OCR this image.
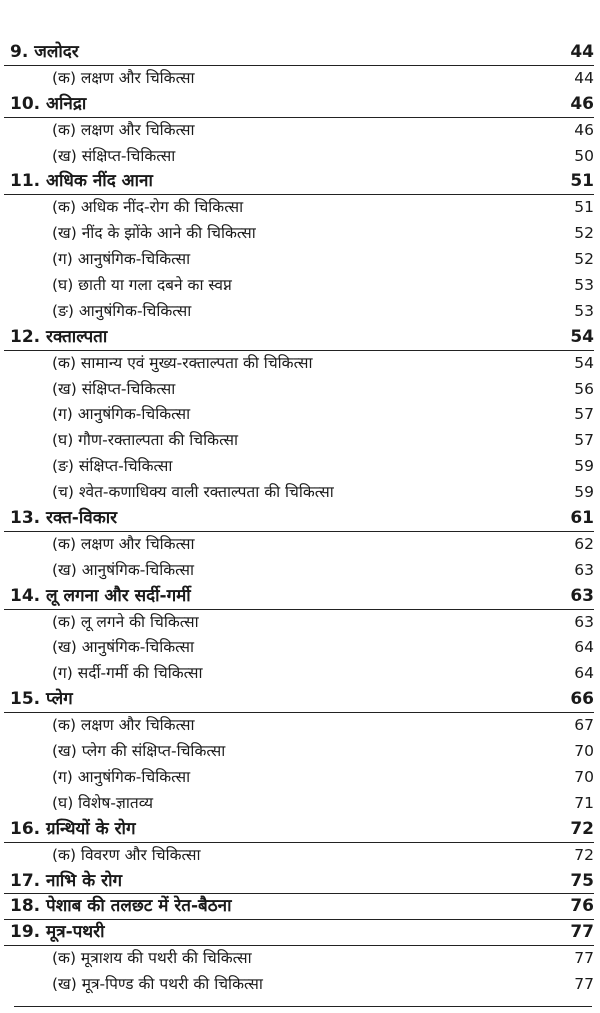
9. जलोदर	44
(क) लक्षण और चिकित्सा	44
10. अनिद्रा	46
(क) लक्षण और चिकित्सा	46
(ख) संक्षिप्त-चिकित्सा	50
11. अधिक नींद आना	51
(क) अधिक नींद-रोग की चिकित्सा	51
(ख) नींद के झोंके आने की चिकित्सा	52
(ग) आनुषंगिक-चिकित्सा	52
(घ) छाती या गला दबने का स्वप्न	53
(ङ) आनुषंगिक-चिकित्सा	53
12. रक्ताल्पता	54
(क) सामान्य एवं मुख्य-रक्ताल्पता की चिकित्सा	54
(ख) संक्षिप्त-चिकित्सा	56
(ग) आनुषंगिक-चिकित्सा	57
(घ) गौण-रक्ताल्पता की चिकित्सा	57
(ङ) संक्षिप्त-चिकित्सा	59
(च) श्वेत-कणाधिक्य वाली रक्ताल्पता की चिकित्सा	59
13. रक्त-विकार	61
(क) लक्षण और चिकित्सा	62
(ख) आनुषंगिक-चिकित्सा	63
14. लू लगना और सर्दी-गर्मी	63
(क) लू लगने की चिकित्सा	63
(ख) आनुषंगिक-चिकित्सा	64
(ग) सर्दी-गर्मी की चिकित्सा	64
15. प्लेग	66
(क) लक्षण और चिकित्सा	67
(ख) प्लेग की संक्षिप्त-चिकित्सा	70
(ग) आनुषंगिक-चिकित्सा	70
(घ) विशेष-ज्ञातव्य	71
16. ग्रन्थियों के रोग	72
(क) विवरण और चिकित्सा	72
17. नाभि के रोग	75
18. पेशाब की तलछट में रेत-बैठना	76
19. मूत्र-पथरी	77
(क) मूत्राशय की पथरी की चिकित्सा	77
(ख) मूत्र-पिण्ड की पथरी की चिकित्सा	77
